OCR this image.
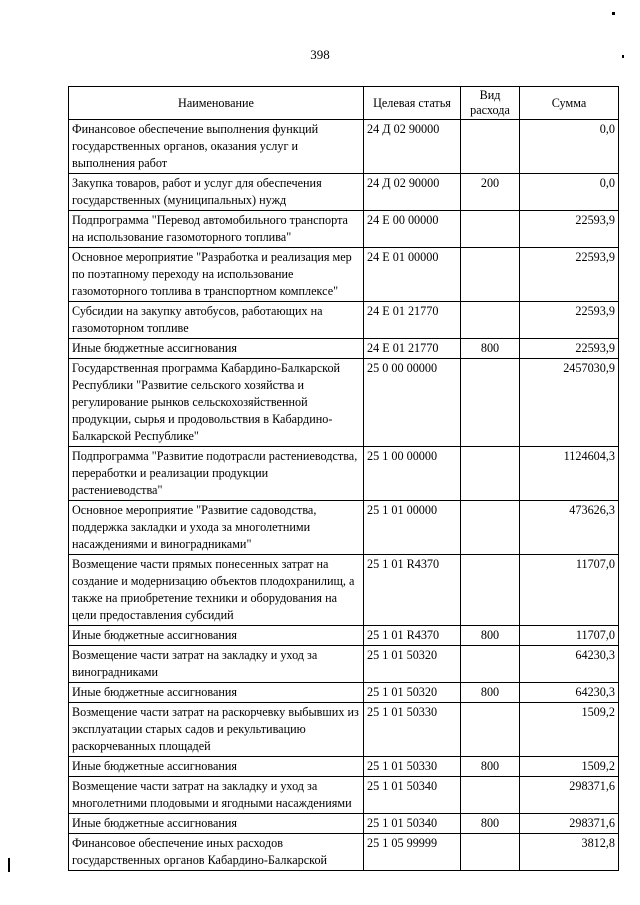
398
Наименование	Целевая статья	Вид расхода	Сумма
Финансовое обеспечение выполнения функций государственных органов, оказания услуг и выполнения работ	24 Д 02 90000		0,0
Закупка товаров, работ и услуг для обеспечения государственных (муниципальных) нужд	24 Д 02 90000	200	0,0
Подпрограмма "Перевод автомобильного транспорта на использование газомоторного топлива"	24 Е 00 00000		22593,9
Основное мероприятие "Разработка и реализация мер по поэтапному переходу на использование газомоторного топлива в транспортном комплексе"	24 Е 01 00000		22593,9
Субсидии на закупку автобусов, работающих на газомоторном топливе	24 Е 01 21770		22593,9
Иные бюджетные ассигнования	24 Е 01 21770	800	22593,9
Государственная программа Кабардино-Балкарской Республики "Развитие сельского хозяйства и регулирование рынков сельскохозяйственной продукции, сырья и продовольствия в Кабардино-Балкарской Республике"	25 0 00 00000		2457030,9
Подпрограмма "Развитие подотрасли растениеводства, переработки и реализации продукции растениеводства"	25 1 00 00000		1124604,3
Основное мероприятие "Развитие садоводства, поддержка закладки и ухода за многолетними насаждениями и виноградниками"	25 1 01 00000		473626,3
Возмещение части прямых понесенных затрат на создание и модернизацию объектов плодохранилищ, а также на приобретение техники и оборудования на цели предоставления субсидий	25 1 01 R4370		11707,0
Иные бюджетные ассигнования	25 1 01 R4370	800	11707,0
Возмещение части затрат на закладку и уход за виноградниками	25 1 01 50320		64230,3
Иные бюджетные ассигнования	25 1 01 50320	800	64230,3
Возмещение части затрат на раскорчевку выбывших из эксплуатации старых садов и рекультивацию раскорчеванных площадей	25 1 01 50330		1509,2
Иные бюджетные ассигнования	25 1 01 50330	800	1509,2
Возмещение части затрат на закладку и уход за многолетними плодовыми и ягодными насаждениями	25 1 01 50340		298371,6
Иные бюджетные ассигнования	25 1 01 50340	800	298371,6
Финансовое обеспечение иных расходов государственных органов Кабардино-Балкарской	25 1 05 99999		3812,8
